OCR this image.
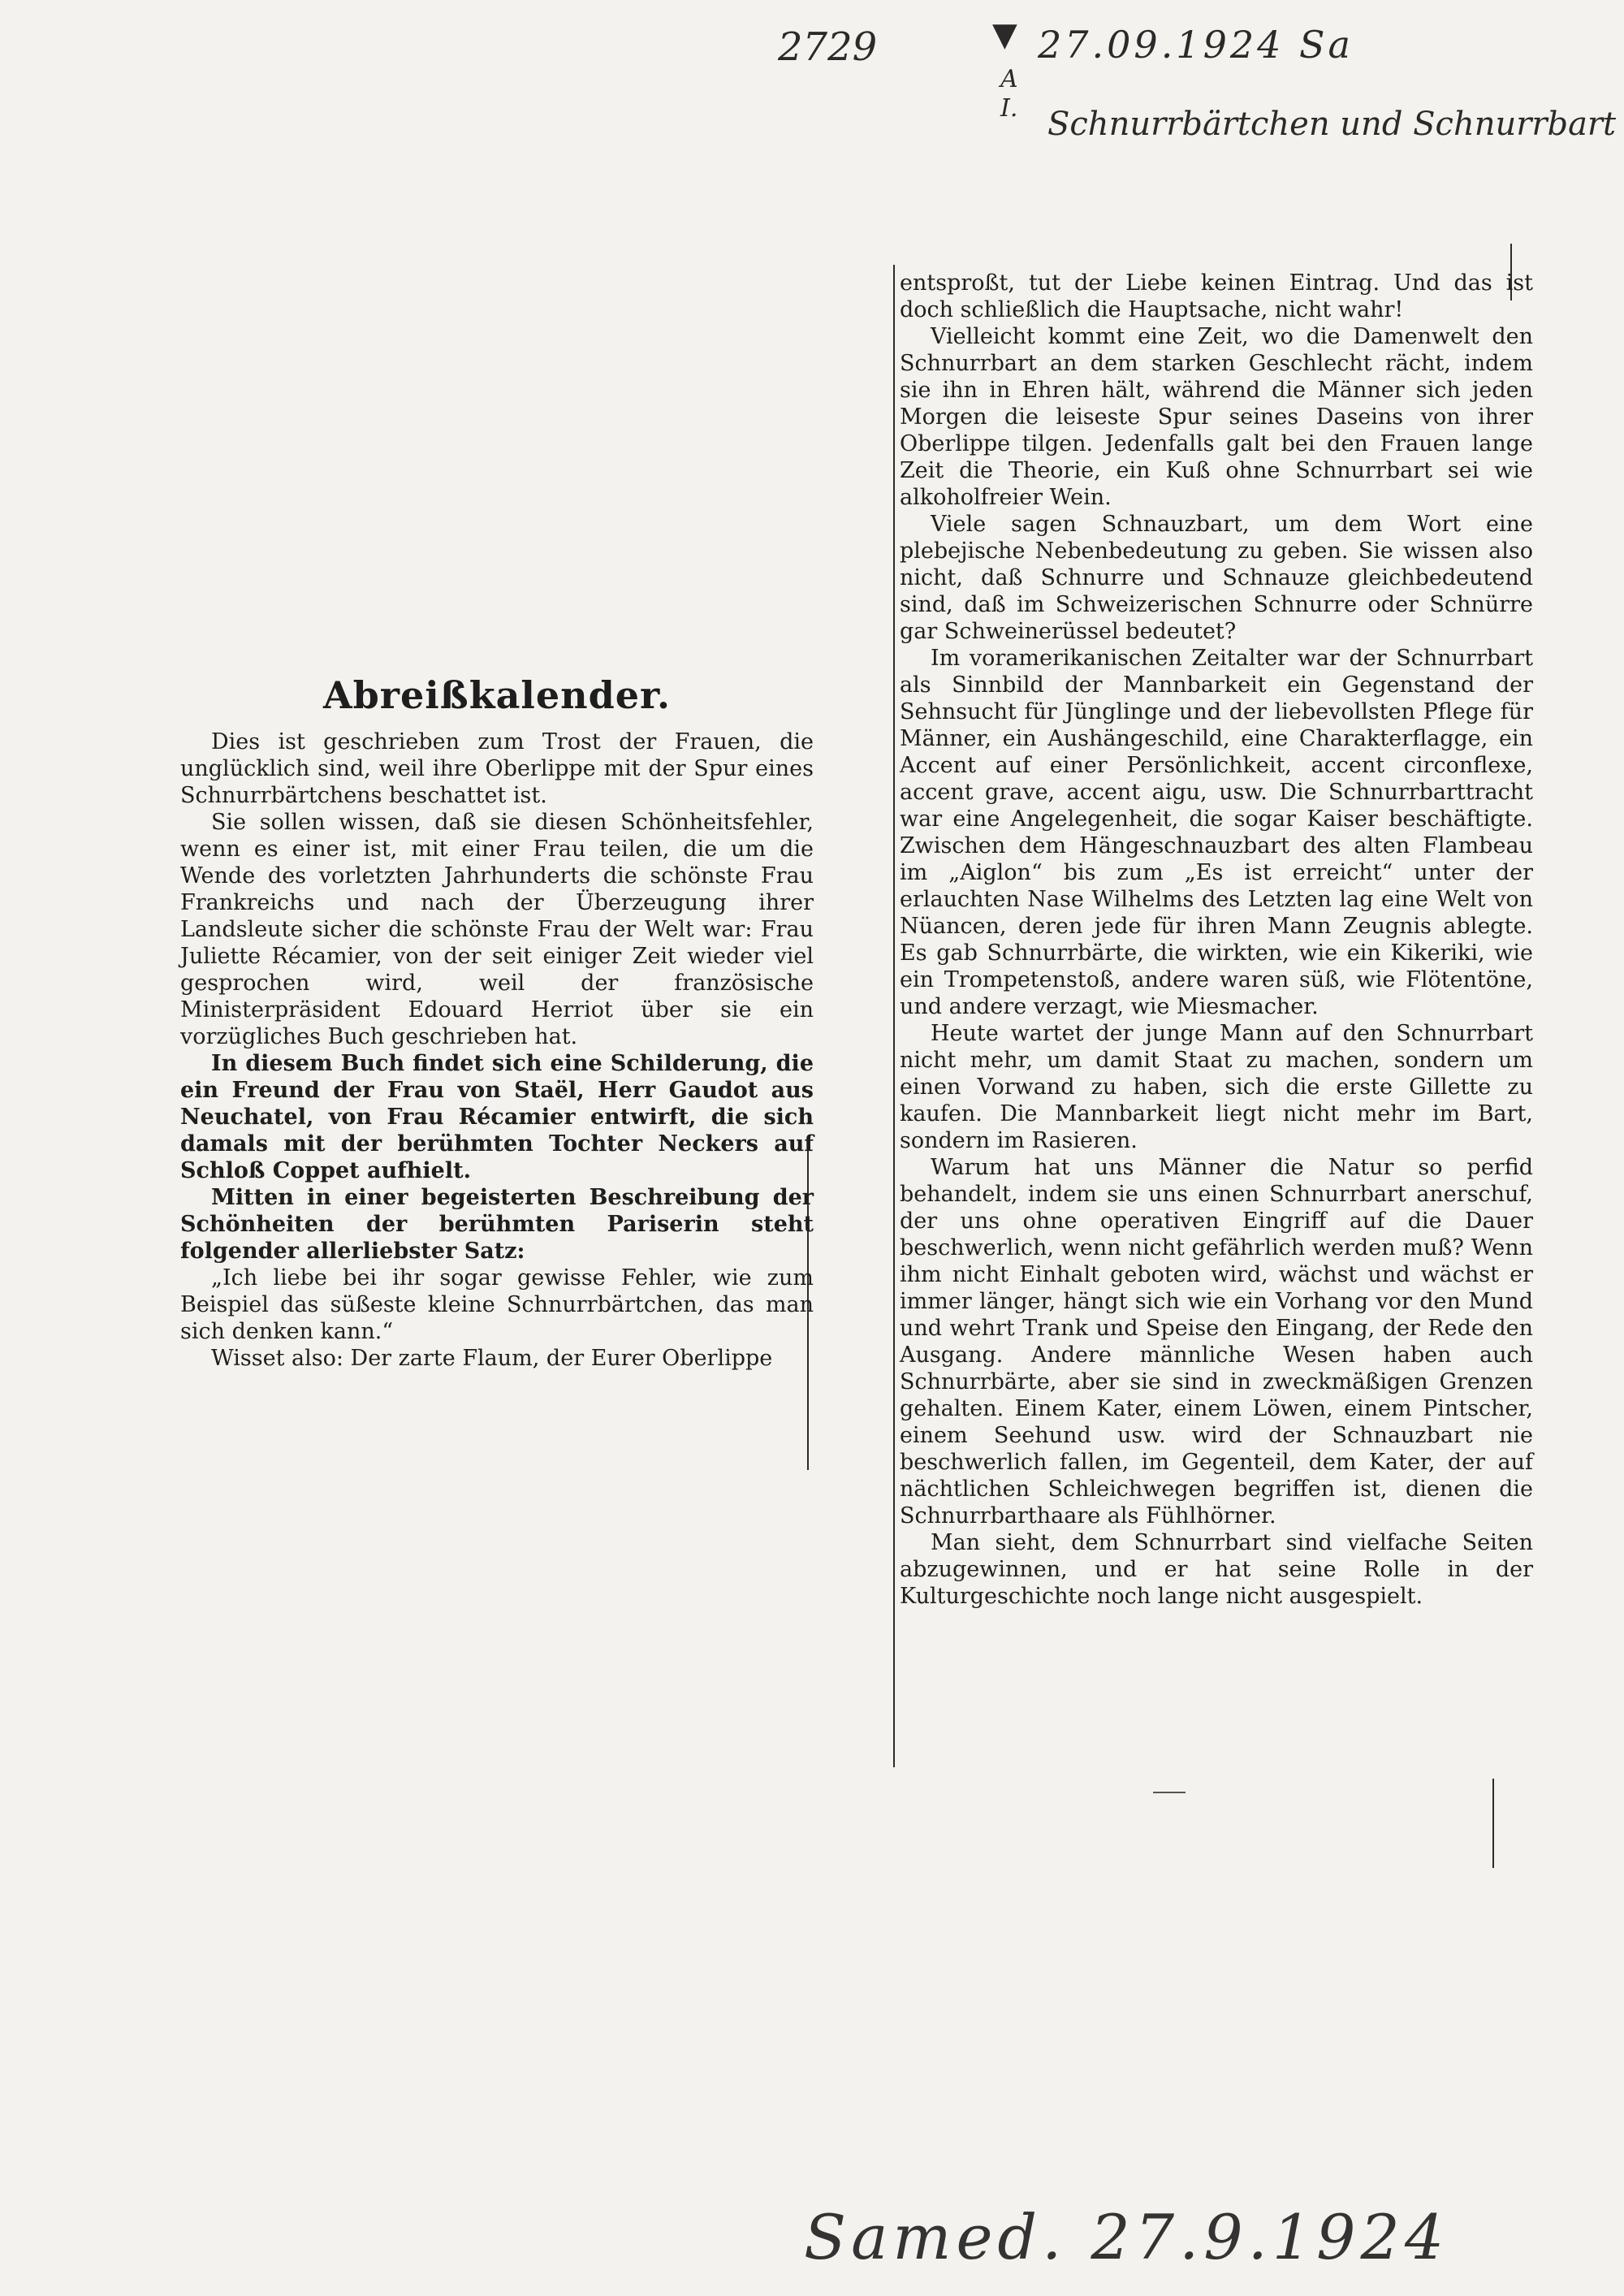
2729	▼ 27.09.1924 Sa
A
I. Schnurrbärtchen und Schnurrbart
Abreißkalender.

Dies ist geschrieben zum Trost der Frauen, die unglücklich sind, weil ihre Oberlippe mit der Spur eines Schnurrbärtchens beschattet ist.

Sie sollen wissen, daß sie diesen Schönheitsfehler, wenn es einer ist, mit einer Frau teilen, die um die Wende des vorletzten Jahrhunderts die schönste Frau Frankreichs und nach der Überzeugung ihrer Landsleute sicher die schönste Frau der Welt war: Frau Juliette Récamier, von der seit einiger Zeit wieder viel gesprochen wird, weil der französische Ministerpräsident Edouard Herriot über sie ein vorzügliches Buch geschrieben hat.

In diesem Buch findet sich eine Schilderung, die ein Freund der Frau von Staël, Herr Gaudot aus Neuchatel, von Frau Récamier entwirft, die sich damals mit der berühmten Tochter Neckers auf Schloß Coppet aufhielt.

Mitten in einer begeisterten Beschreibung der Schönheiten der berühmten Pariserin steht folgender allerliebster Satz:

„Ich liebe bei ihr sogar gewisse Fehler, wie zum Beispiel das süßeste kleine Schnurrbärtchen, das man sich denken kann.“

Wisset also: Der zarte Flaum, der Eurer Oberlippe

entsproßt, tut der Liebe keinen Eintrag. Und das ist doch schließlich die Hauptsache, nicht wahr!

Vielleicht kommt eine Zeit, wo die Damenwelt den Schnurrbart an dem starken Geschlecht rächt, indem sie ihn in Ehren hält, während die Männer sich jeden Morgen die leiseste Spur seines Daseins von ihrer Oberlippe tilgen. Jedenfalls galt bei den Frauen lange Zeit die Theorie, ein Kuß ohne Schnurrbart sei wie alkoholfreier Wein.

Viele sagen Schnauzbart, um dem Wort eine plebejische Nebenbedeutung zu geben. Sie wissen also nicht, daß Schnurre und Schnauze gleichbedeutend sind, daß im Schweizerischen Schnurre oder Schnürre gar Schweinerüssel bedeutet?

Im voramerikanischen Zeitalter war der Schnurrbart als Sinnbild der Mannbarkeit ein Gegenstand der Sehnsucht für Jünglinge und der liebevollsten Pflege für Männer, ein Aushängeschild, eine Charakterflagge, ein Accent auf einer Persönlichkeit, accent circonflexe, accent grave, accent aigu, usw. Die Schnurrbarttracht war eine Angelegenheit, die sogar Kaiser beschäftigte. Zwischen dem Hängeschnauzbart des alten Flambeau im „Aiglon“ bis zum „Es ist erreicht“ unter der erlauchten Nase Wilhelms des Letzten lag eine Welt von Nüancen, deren jede für ihren Mann Zeugnis ablegte. Es gab Schnurrbärte, die wirkten, wie ein Kikeriki, wie ein Trompetenstoß, andere waren süß, wie Flötentöne, und andere verzagt, wie Miesmacher.

Heute wartet der junge Mann auf den Schnurrbart nicht mehr, um damit Staat zu machen, sondern um einen Vorwand zu haben, sich die erste Gillette zu kaufen. Die Mannbarkeit liegt nicht mehr im Bart, sondern im Rasieren.

Warum hat uns Männer die Natur so perfid behandelt, indem sie uns einen Schnurrbart anerschuf, der uns ohne operativen Eingriff auf die Dauer beschwerlich, wenn nicht gefährlich werden muß? Wenn ihm nicht Einhalt geboten wird, wächst und wächst er immer länger, hängt sich wie ein Vorhang vor den Mund und wehrt Trank und Speise den Eingang, der Rede den Ausgang. Andere männliche Wesen haben auch Schnurrbärte, aber sie sind in zweckmäßigen Grenzen gehalten. Einem Kater, einem Löwen, einem Pintscher, einem Seehund usw. wird der Schnauzbart nie beschwerlich fallen, im Gegenteil, dem Kater, der auf nächtlichen Schleichwegen begriffen ist, dienen die Schnurrbarthaare als Fühlhörner.

Man sieht, dem Schnurrbart sind vielfache Seiten abzugewinnen, und er hat seine Rolle in der Kulturgeschichte noch lange nicht ausgespielt.

Samed. 27.9.1924
